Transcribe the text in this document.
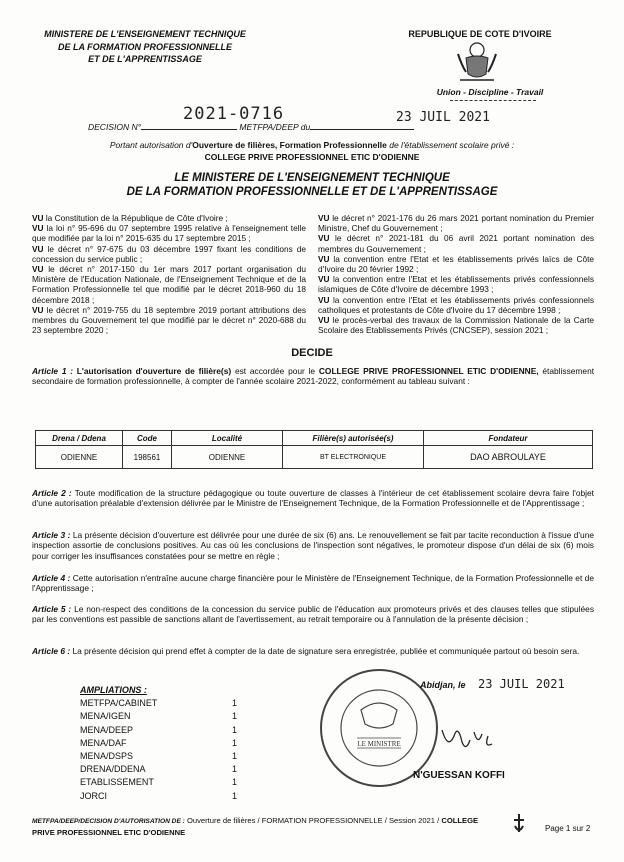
MINISTERE DE L'ENSEIGNEMENT TECHNIQUE
DE LA FORMATION PROFESSIONNELLE
ET DE L'APPRENTISSAGE
REPUBLIQUE DE COTE D'IVOIRE
Union - Discipline - Travail
2021-0716
DECISION N°	METFPA/DEEP du
23 JUIL 2021
Portant autorisation d'Ouverture de filières, Formation Professionnelle de l'établissement scolaire privé :
COLLEGE PRIVE PROFESSIONNEL ETIC D'ODIENNE
LE MINISTERE DE L'ENSEIGNEMENT TECHNIQUE
DE LA FORMATION PROFESSIONNELLE ET DE L'APPRENTISSAGE

VU la Constitution de la République de Côte d'Ivoire ;

VU la loi n° 95-696 du 07 septembre 1995 relative à l'enseignement telle que modifiée par la loi n° 2015-635 du 17 septembre 2015 ;

VU le décret n° 97-675 du 03 décembre 1997 fixant les conditions de concession du service public ;

VU le décret n° 2017-150 du 1er mars 2017 portant organisation du Ministère de l'Education Nationale, de l'Enseignement Technique et de la Formation Professionnelle tel que modifié par le décret 2018-960 du 18 décembre 2018 ;

VU le décret n° 2019-755 du 18 septembre 2019 portant attributions des membres du Gouvernement tel que modifié par le décret n° 2020-688 du 23 septembre 2020 ;

VU le décret n° 2021-176 du 26 mars 2021 portant nomination du Premier Ministre, Chef du Gouvernement ;

VU le décret n° 2021-181 du 06 avril 2021 portant nomination des membres du Gouvernement ;

VU la convention entre l'Etat et les établissements privés laïcs de Côte d'Ivoire du 20 février 1992 ;

VU la convention entre l'Etat et les établissements privés confessionnels islamiques de Côte d'Ivoire de décembre 1993 ;

VU la convention entre l'Etat et les établissements privés confessionnels catholiques et protestants de Côte d'Ivoire du 17 décembre 1998 ;

VU le procès-verbal des travaux de la Commission Nationale de la Carte Scolaire des Etablissements Privés (CNCSEP), session 2021 ;

DECIDE
Article 1 : L'autorisation d'ouverture de filière(s) est accordée pour le COLLEGE PRIVE PROFESSIONNEL ETIC D'ODIENNE, établissement secondaire de formation professionnelle, à compter de l'année scolaire 2021-2022, conformément au tableau suivant :
Drena / Ddena	Code	Localité	Filière(s) autorisée(s)	Fondateur
ODIENNE	198561	ODIENNE	BT ELECTRONIQUE	DAO ABROULAYE
Article 2 : Toute modification de la structure pédagogique ou toute ouverture de classes à l'intérieur de cet établissement scolaire devra faire l'objet d'une autorisation préalable d'extension délivrée par le Ministre de l'Enseignement Technique, de la Formation Professionnelle et de l'Apprentissage ;
Article 3 : La présente décision d'ouverture est délivrée pour une durée de six (6) ans. Le renouvellement se fait par tacite reconduction à l'issue d'une inspection assortie de conclusions positives. Au cas où les conclusions de l'inspection sont négatives, le promoteur dispose d'un délai de six (6) mois pour corriger les insuffisances constatées pour se mettre en règle ;
Article 4 : Cette autorisation n'entraîne aucune charge financière pour le Ministère de l'Enseignement Technique, de la Formation Professionnelle et de l'Apprentissage ;
Article 5 : Le non-respect des conditions de la concession du service public de l'éducation aux promoteurs privés et des clauses telles que stipulées par les conventions est passible de sanctions allant de l'avertissement, au retrait temporaire ou à l'annulation de la présente décision ;
Article 6 : La présente décision qui prend effet à compter de la date de signature sera enregistrée, publiée et communiquée partout où besoin sera.
AMPLIATIONS :
METFPA/CABINET	1
MENA/IGEN	1
MENA/DEEP	1
MENA/DAF	1
MENA/DSPS	1
DRENA/DDENA	1
ETABLISSEMENT	1
JORCI	1
LE MINISTRE
Abidjan, le 23 JUIL 2021
N'GUESSAN KOFFI
METFPA/DEEP/DECISION D'AUTORISATION DE : Ouverture de filières / FORMATION PROFESSIONNELLE / Session 2021 / COLLEGE PRIVE PROFESSIONNEL ETIC D'ODIENNE	Page 1 sur 2
